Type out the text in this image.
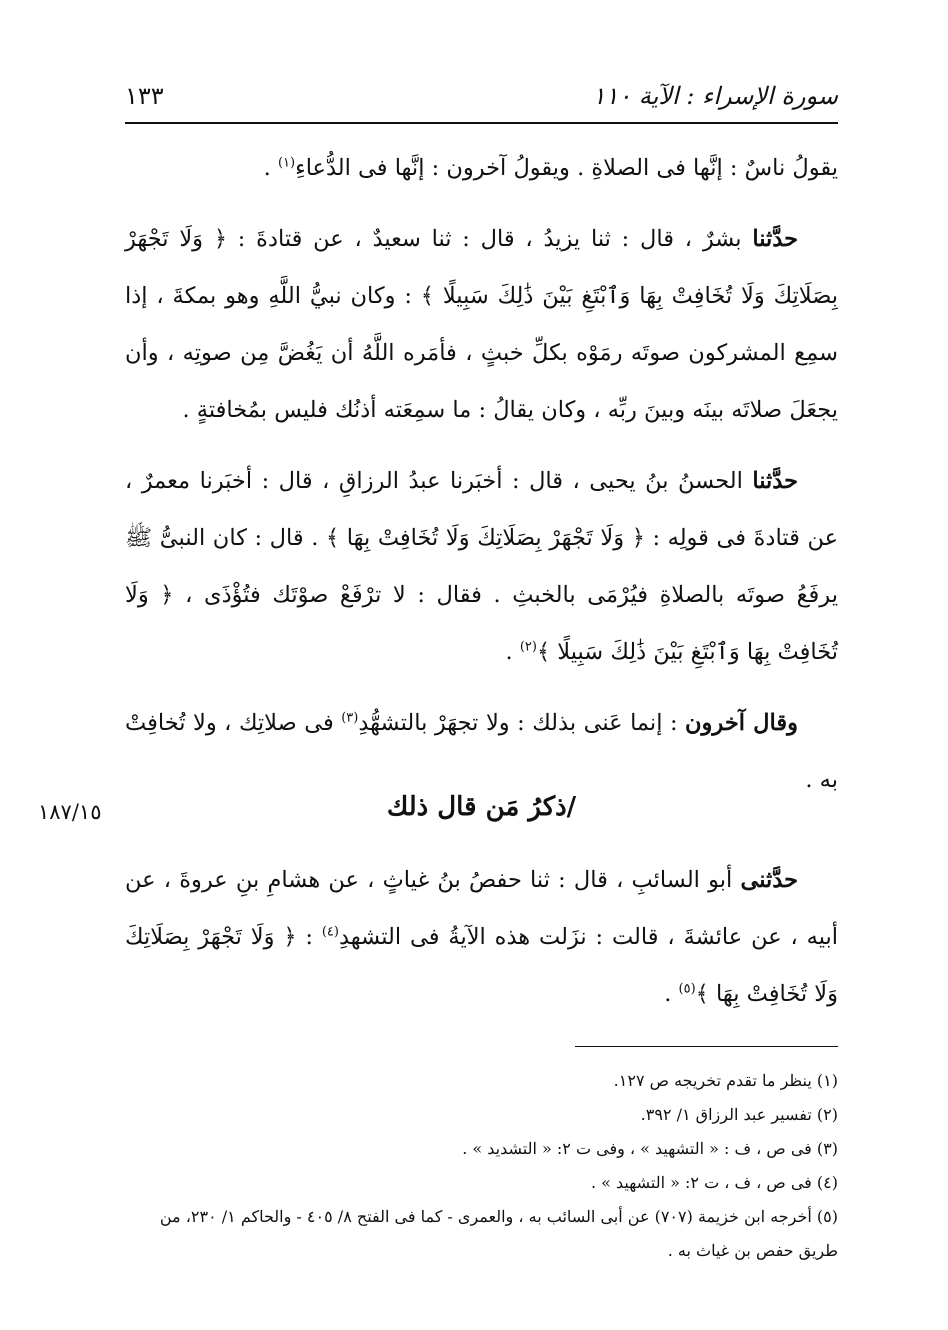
سورة الإسراء : الآية ١١٠
١٣٣

يقولُ ناسٌ : إنَّها فى الصلاةِ . ويقولُ آخرون : إنَّها فى الدُّعاءِ$^{(١)}$ .

حدَّثنا بشرٌ ، قال : ثنا يزيدُ ، قال : ثنا سعيدٌ ، عن قتادةَ : ﴿ وَلَا تَجْهَرْ بِصَلَاتِكَ وَلَا تُخَافِتْ بِهَا وَٱبْتَغِ بَيْنَ ذَٰلِكَ سَبِيلًا ﴾ : وكان نبيُّ اللَّهِ وهو بمكةَ ، إذا سمِع المشركون صوتَه رمَوْه بكلِّ خبثٍ ، فأمَره اللَّهُ أن يَغُضَّ مِن صوتِه ، وأن يجعَلَ صلاتَه بينَه وبينَ ربِّه ، وكان يقالُ : ما سمِعَته أذنُك فليس بمُخافتةٍ .

حدَّثنا الحسنُ بنُ يحيى ، قال : أخبَرنا عبدُ الرزاقِ ، قال : أخبَرنا معمرٌ ، عن قتادةَ فى قولِه : ﴿ وَلَا تَجْهَرْ بِصَلَاتِكَ وَلَا تُخَافِتْ بِهَا ﴾ . قال : كان النبىُّ ﷺ يرفَعُ صوتَه بالصلاةِ فيُرْمَى بالخبثِ . فقال : لا ترْفَعْ صوْتَك فتُؤْذَى ، ﴿ وَلَا تُخَافِتْ بِهَا وَٱبْتَغِ بَيْنَ ذَٰلِكَ سَبِيلًا ﴾$^{(٢)}$ .

وقال آخرون : إنما عَنى بذلك : ولا تجهَرْ بالتشهُّدِ$^{(٣)}$ فى صلاتِك ، ولا تُخافِتْ به .

١٨٧/١٥	/ذكرُ مَن قال ذلك

حدَّثنى أبو السائبِ ، قال : ثنا حفصُ بنُ غياثٍ ، عن هشامِ بنِ عروةَ ، عن أبيه ، عن عائشةَ ، قالت : نزَلت هذه الآيةُ فى التشهدِ$^{(٤)}$ : ﴿ وَلَا تَجْهَرْ بِصَلَاتِكَ وَلَا تُخَافِتْ بِهَا ﴾$^{(٥)}$ .

(١) ينظر ما تقدم تخريجه ص ١٢٧.
(٢) تفسير عبد الرزاق ١/ ٣٩٢.
(٣) فى ص ، ف : « التشهيد » ، وفى ت ٢: « التشديد » .
(٤) فى ص ، ف ، ت ٢: « التشهيد » .
(٥) أخرجه ابن خزيمة (٧٠٧) عن أبى السائب به ، والعمرى - كما فى الفتح ٨/ ٤٠٥ - والحاكم ١/ ٢٣٠، من طريق حفص بن غياث به .
